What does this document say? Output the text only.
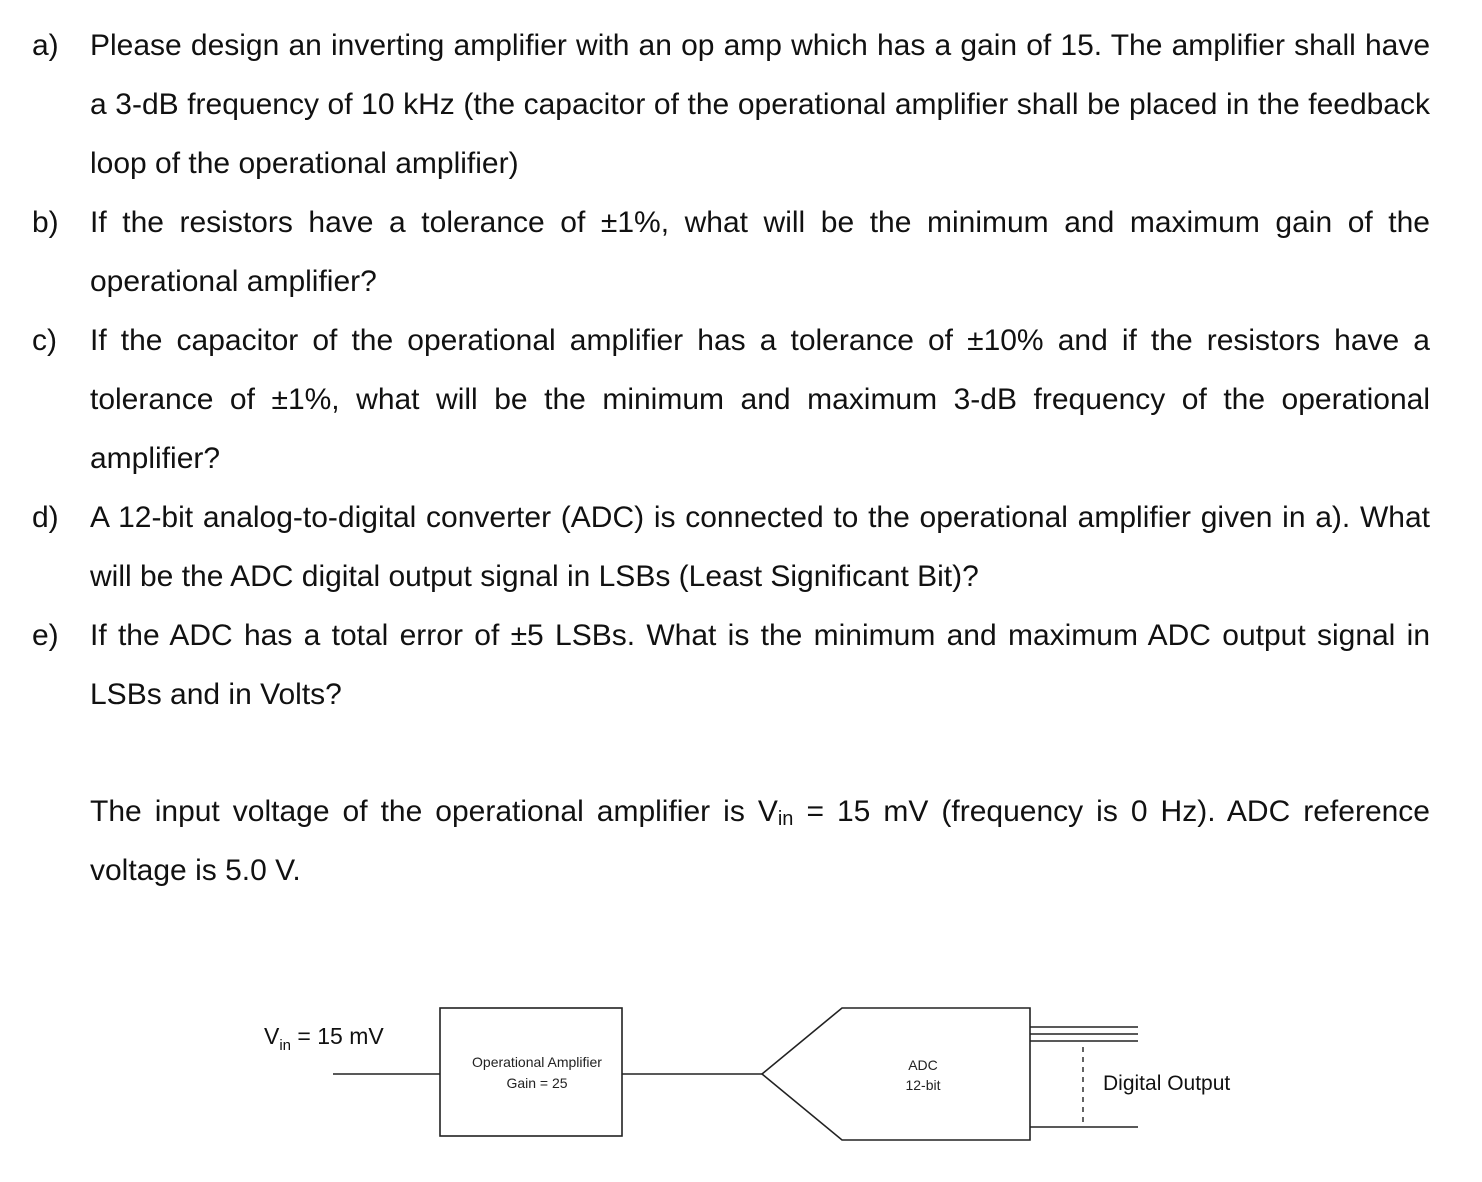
a)	Please design an inverting amplifier with an op amp which has a gain of 15. The amplifier shall have a 3-dB frequency of 10 kHz (the capacitor of the operational amplifier shall be placed in the feedback loop of the operational amplifier)
b)	If the resistors have a tolerance of ±1%, what will be the minimum and maximum gain of the operational amplifier?
c)	If the capacitor of the operational amplifier has a tolerance of ±10% and if the resistors have a tolerance of ±1%, what will be the minimum and maximum 3-dB frequency of the operational amplifier?
d)	A 12-bit analog-to-digital converter (ADC) is connected to the operational amplifier given in a). What will be the ADC digital output signal in LSBs (Least Significant Bit)?
e)	If the ADC has a total error of ±5 LSBs. What is the minimum and maximum ADC output signal in LSBs and in Volts?
The input voltage of the operational amplifier is $V_{in} = 15$ mV (frequency is 0 Hz). ADC reference voltage is 5.0 V.
$V_{in} = 15$ mV
Operational Amplifier
Gain = 25
ADC
12-bit	Digital Output
